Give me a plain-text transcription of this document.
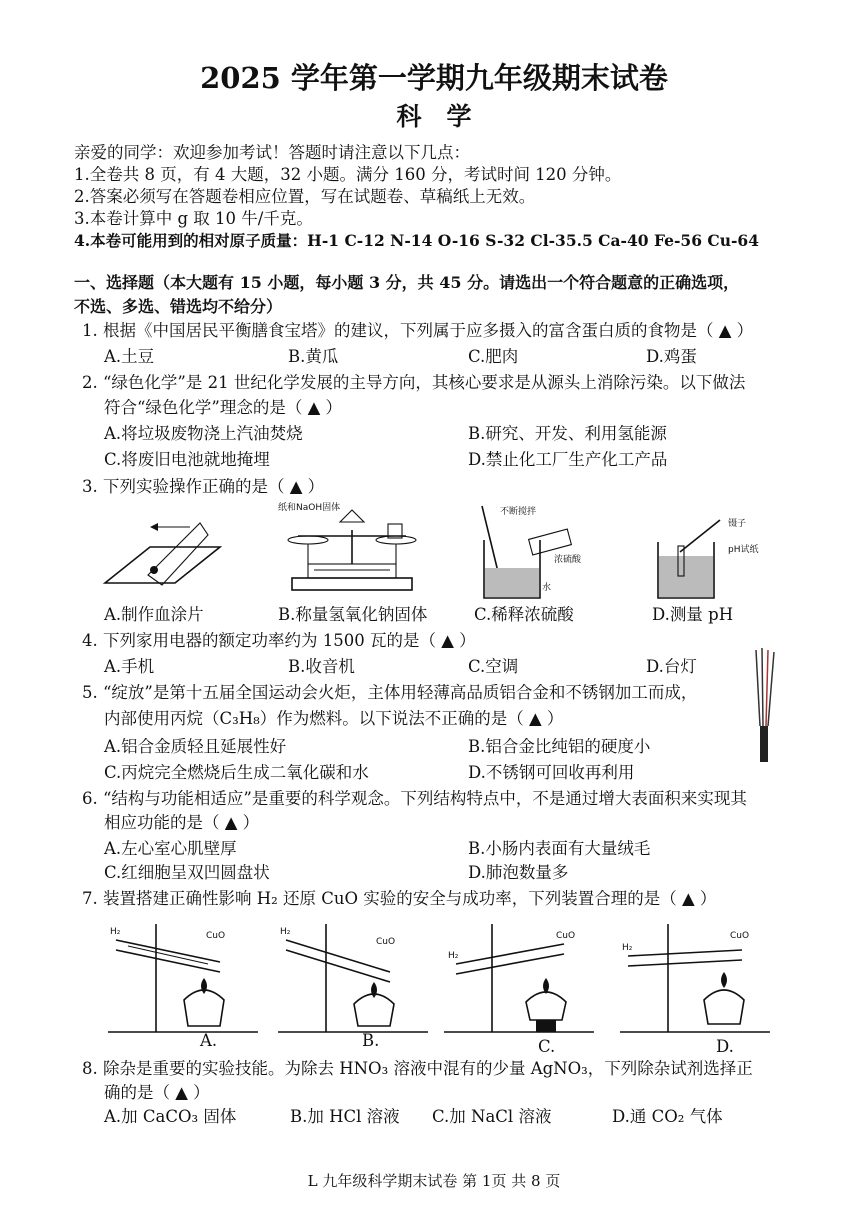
2025 学年第一学期九年级期末试卷
科　学
亲爱的同学：欢迎参加考试！答题时请注意以下几点：
1.全卷共 8 页，有 4 大题，32 小题。满分 160 分，考试时间 120 分钟。
2.答案必须写在答题卷相应位置，写在试题卷、草稿纸上无效。
3.本卷计算中 g 取 10 牛/千克。
4.本卷可能用到的相对原子质量：H-1 C-12 N-14 O-16 S-32 Cl-35.5 Ca-40 Fe-56 Cu-64
一、选择题（本大题有 15 小题，每小题 3 分，共 45 分。请选出一个符合题意的正确选项，
不选、多选、错选均不给分）
1. 根据《中国居民平衡膳食宝塔》的建议，下列属于应多摄入的富含蛋白质的食物是（ ▲ ）
A.土豆	B.黄瓜	C.肥肉	D.鸡蛋
2. “绿色化学”是 21 世纪化学发展的主导方向，其核心要求是从源头上消除污染。以下做法
符合“绿色化学”理念的是（ ▲ ）
A.将垃圾废物浇上汽油焚烧	B.研究、开发、利用氢能源
C.将废旧电池就地掩埋	D.禁止化工厂生产化工产品
3. 下列实验操作正确的是（ ▲ ）
纸和NaOH固体	不断搅拌
浓硫酸
水
镊子
pH试纸
A.制作血涂片	B.称量氢氧化钠固体	C.稀释浓硫酸	D.测量 pH
4. 下列家用电器的额定功率约为 1500 瓦的是（ ▲ ）
A.手机	B.收音机	C.空调	D.台灯
5. “绽放”是第十五届全国运动会火炬，主体用轻薄高品质铝合金和不锈钢加工而成，
内部使用丙烷（C₃H₈）作为燃料。以下说法不正确的是（ ▲ ）
A.铝合金质轻且延展性好	B.铝合金比纯铝的硬度小
C.丙烷完全燃烧后生成二氧化碳和水	D.不锈钢可回收再利用
6. “结构与功能相适应”是重要的科学观念。下列结构特点中，不是通过增大表面积来实现其
相应功能的是（ ▲ ）
A.左心室心肌壁厚	B.小肠内表面有大量绒毛
C.红细胞呈双凹圆盘状	D.肺泡数量多
7. 装置搭建正确性影响 H₂ 还原 CuO 实验的安全与成功率，下列装置合理的是（ ▲ ）
H₂	CuO	H₂
CuO
H₂
CuO
H₂
CuO
A.	B.	C.	D.
8. 除杂是重要的实验技能。为除去 HNO₃ 溶液中混有的少量 AgNO₃，下列除杂试剂选择正
确的是（ ▲ ）
A.加 CaCO₃ 固体	B.加 HCl 溶液 C.加 NaCl 溶液	D.通 CO₂ 气体
L 九年级科学期末试卷 第 1页 共 8 页
